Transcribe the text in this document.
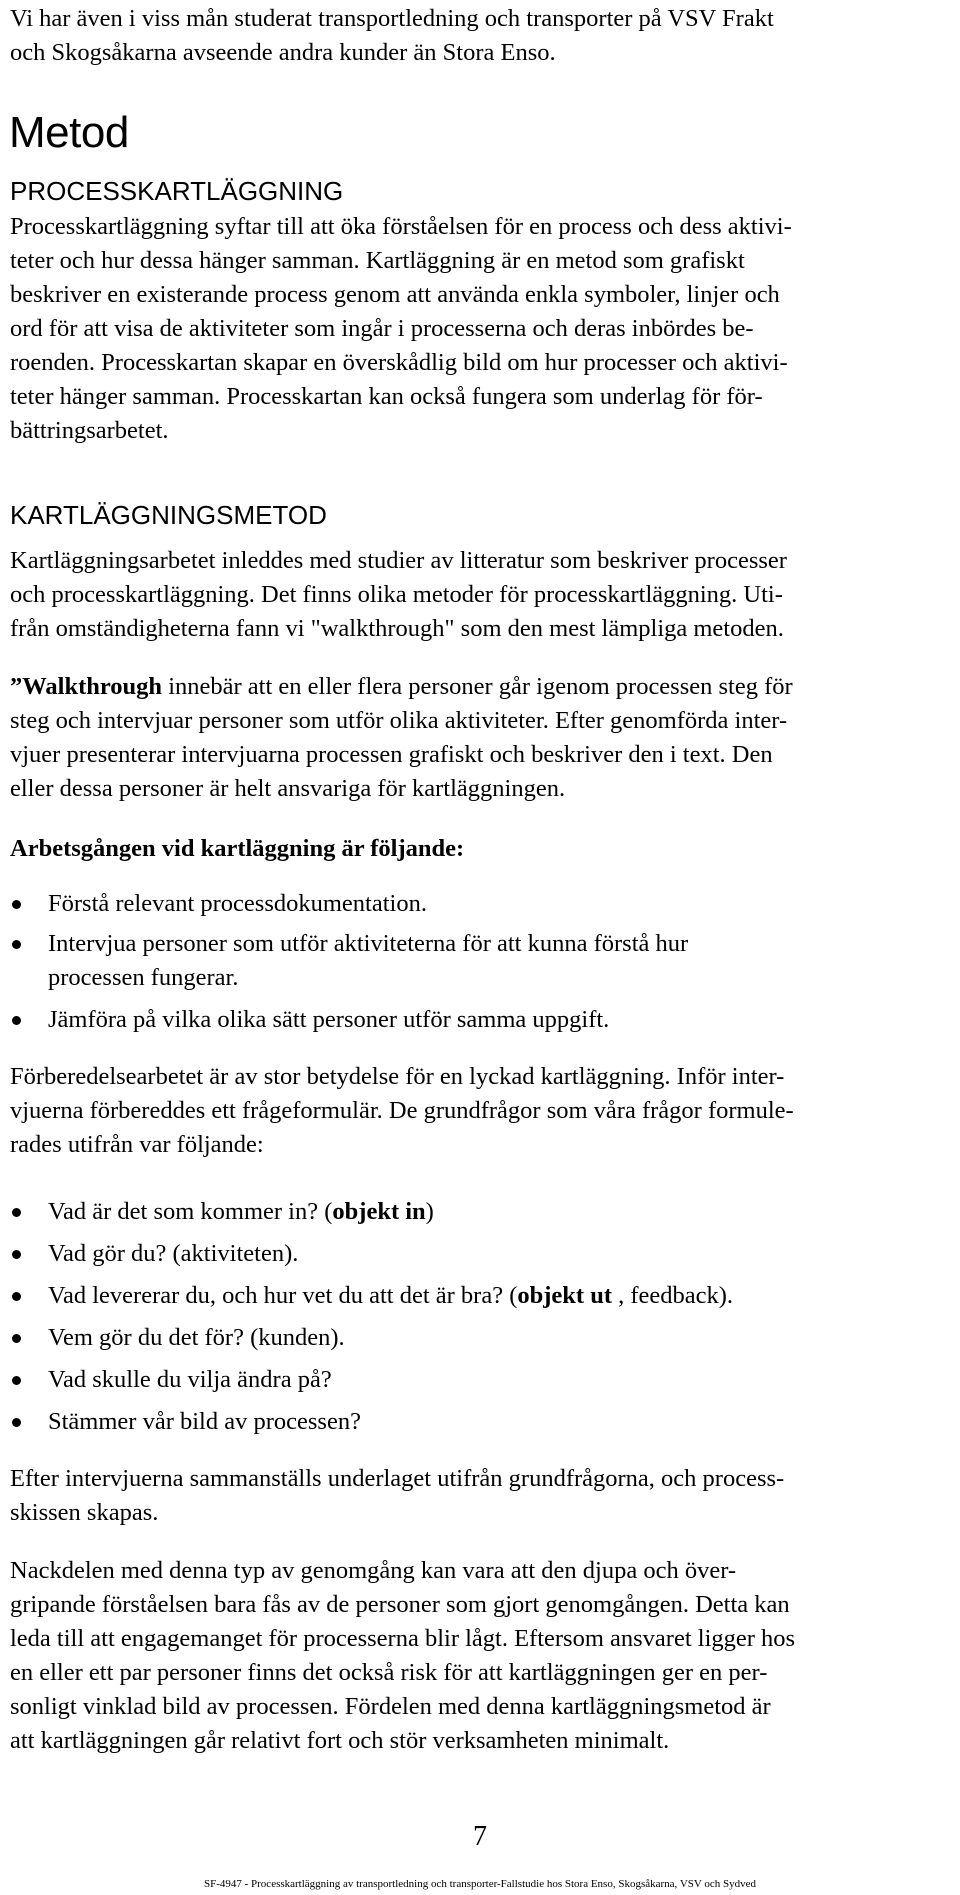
Vi har även i viss mån studerat transportledning och transporter på VSV Frakt

och Skogsåkarna avseende andra kunder än Stora Enso.

Metod
PROCESSKARTLÄGGNING

Processkartläggning syftar till att öka förståelsen för en process och dess aktivi-

teter och hur dessa hänger samman. Kartläggning är en metod som grafiskt

beskriver en existerande process genom att använda enkla symboler, linjer och

ord för att visa de aktiviteter som ingår i processerna och deras inbördes be-

roenden. Processkartan skapar en överskådlig bild om hur processer och aktivi-

teter hänger samman. Processkartan kan också fungera som underlag för för-

bättringsarbetet.

KARTLÄGGNINGSMETOD

Kartläggningsarbetet inleddes med studier av litteratur som beskriver processer

och processkartläggning. Det finns olika metoder för processkartläggning. Uti-

från omständigheterna fann vi "walkthrough" som den mest lämpliga metoden.

”Walkthrough innebär att en eller flera personer går igenom processen steg för

steg och intervjuar personer som utför olika aktiviteter. Efter genomförda inter-

vjuer presenterar intervjuarna processen grafiskt och beskriver den i text. Den

eller dessa personer är helt ansvariga för kartläggningen.

Arbetsgången vid kartläggning är följande:

Förstå relevant processdokumentation.

Intervjua personer som utför aktiviteterna för att kunna förstå hur

processen fungerar.

Jämföra på vilka olika sätt personer utför samma uppgift.

Förberedelsearbetet är av stor betydelse för en lyckad kartläggning. Inför inter-

vjuerna förbereddes ett frågeformulär. De grundfrågor som våra frågor formule-

rades utifrån var följande:

Vad är det som kommer in? (objekt in)

Vad gör du? (aktiviteten).

Vad levererar du, och hur vet du att det är bra? (objekt ut , feedback).

Vem gör du det för? (kunden).

Vad skulle du vilja ändra på?

Stämmer vår bild av processen?

Efter intervjuerna sammanställs underlaget utifrån grundfrågorna, och process-

skissen skapas.

Nackdelen med denna typ av genomgång kan vara att den djupa och över-

gripande förståelsen bara fås av de personer som gjort genomgången. Detta kan

leda till att engagemanget för processerna blir lågt. Eftersom ansvaret ligger hos

en eller ett par personer finns det också risk för att kartläggningen ger en per-

sonligt vinklad bild av processen. Fördelen med denna kartläggningsmetod är

att kartläggningen går relativt fort och stör verksamheten minimalt.

7

SF-4947 - Processkartläggning av transportledning och transporter-Fallstudie hos Stora Enso, Skogsåkarna, VSV och Sydved
